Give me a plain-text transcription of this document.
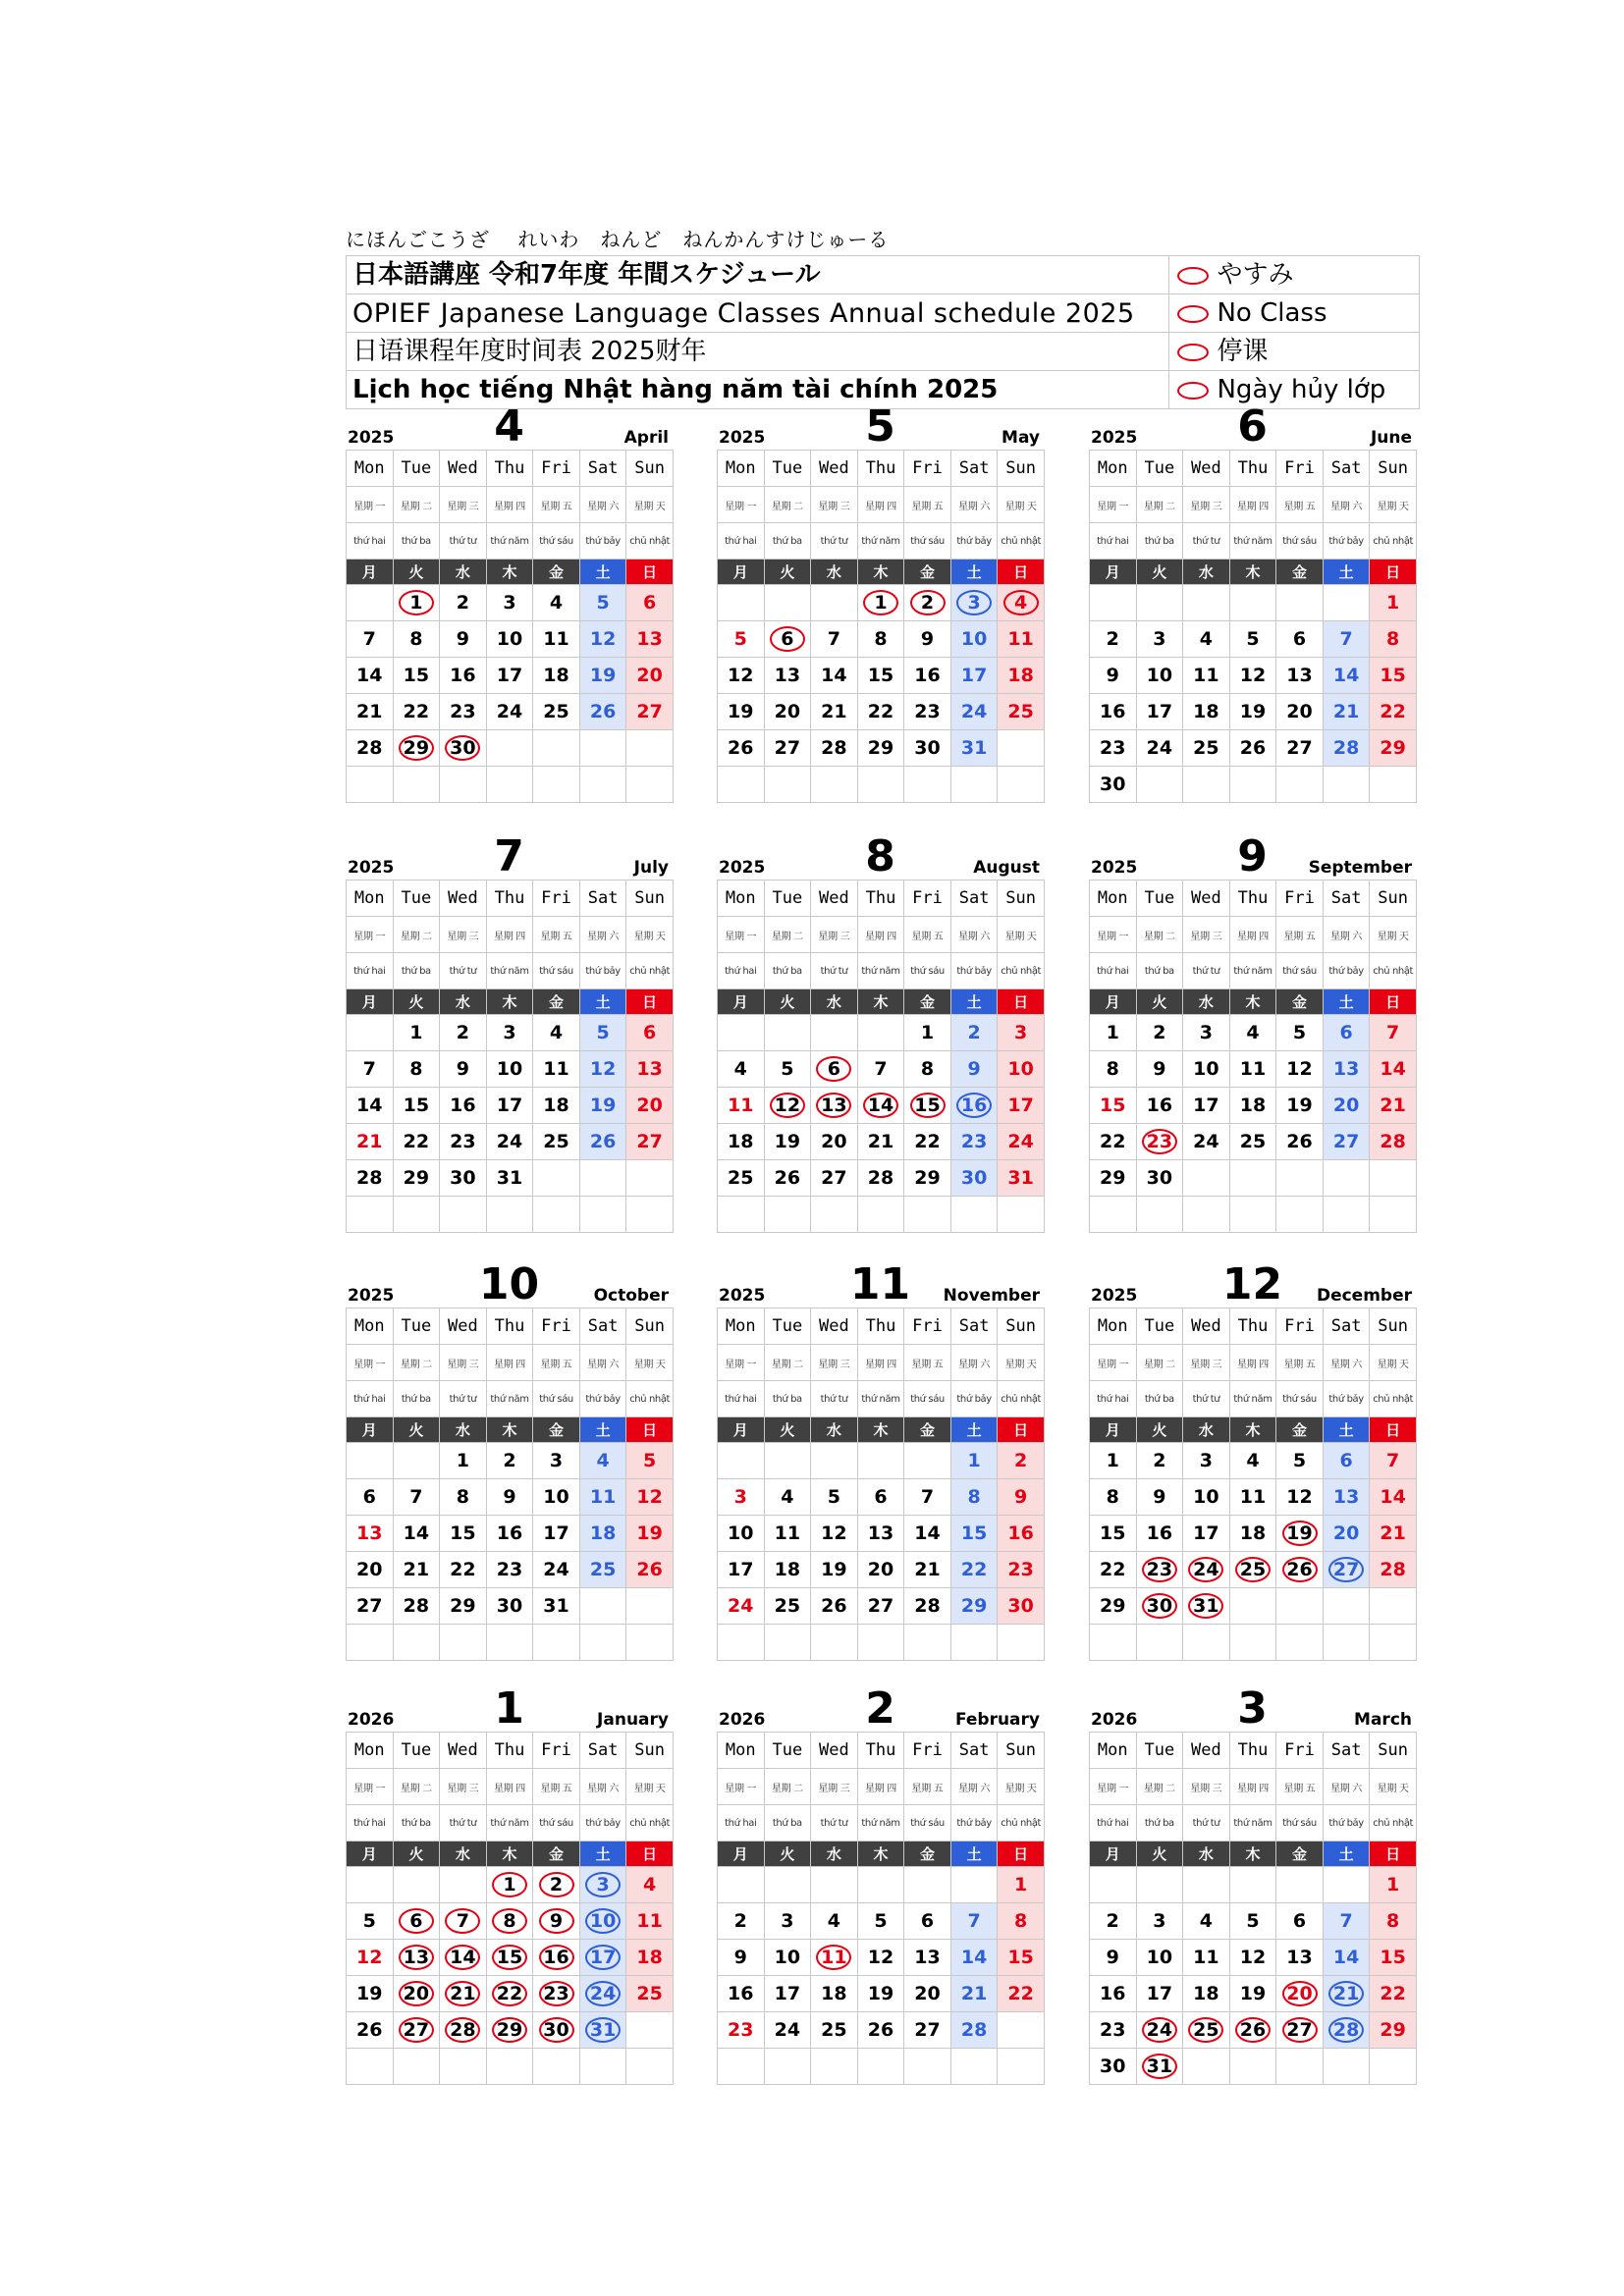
にほんごこうざ　 れいわ　ねんど　ねんかんすけじゅーる
日本語講座 令和7年度 年間スケジュール	やすみ
OPIEF Japanese Language Classes Annual schedule 2025	No Class
日语课程年度时间表 2025财年	停课
Lịch học tiếng Nhật hàng năm tài chính 2025	Ngày hủy lớp
2025	4	April
Mon	Tue	Wed	Thu	Fri	Sat	Sun
星期 一	星期 二	星期 三	星期 四	星期 五	星期 六	星期 天
thứ hai	thứ ba	thứ tư	thứ năm	thứ sáu	thứ bảy	chủ nhật
月	火	水	木	金	土	日
	1	2	3	4	5	6
7	8	9	10	11	12	13
14	15	16	17	18	19	20
21	22	23	24	25	26	27
28	29	30				

2025	5	May
Mon	Tue	Wed	Thu	Fri	Sat	Sun
星期 一	星期 二	星期 三	星期 四	星期 五	星期 六	星期 天
thứ hai	thứ ba	thứ tư	thứ năm	thứ sáu	thứ bảy	chủ nhật
月	火	水	木	金	土	日
			1	2	3	4
5	6	7	8	9	10	11
12	13	14	15	16	17	18
19	20	21	22	23	24	25
26	27	28	29	30	31	

2025	6	June
Mon	Tue	Wed	Thu	Fri	Sat	Sun
星期 一	星期 二	星期 三	星期 四	星期 五	星期 六	星期 天
thứ hai	thứ ba	thứ tư	thứ năm	thứ sáu	thứ bảy	chủ nhật
月	火	水	木	金	土	日
						1
2	3	4	5	6	7	8
9	10	11	12	13	14	15
16	17	18	19	20	21	22
23	24	25	26	27	28	29
30						
2025	7	July
Mon	Tue	Wed	Thu	Fri	Sat	Sun
星期 一	星期 二	星期 三	星期 四	星期 五	星期 六	星期 天
thứ hai	thứ ba	thứ tư	thứ năm	thứ sáu	thứ bảy	chủ nhật
月	火	水	木	金	土	日
	1	2	3	4	5	6
7	8	9	10	11	12	13
14	15	16	17	18	19	20
21	22	23	24	25	26	27
28	29	30	31			

2025	8	August
Mon	Tue	Wed	Thu	Fri	Sat	Sun
星期 一	星期 二	星期 三	星期 四	星期 五	星期 六	星期 天
thứ hai	thứ ba	thứ tư	thứ năm	thứ sáu	thứ bảy	chủ nhật
月	火	水	木	金	土	日
				1	2	3
4	5	6	7	8	9	10
11	12	13	14	15	16	17
18	19	20	21	22	23	24
25	26	27	28	29	30	31

2025	9	September
Mon	Tue	Wed	Thu	Fri	Sat	Sun
星期 一	星期 二	星期 三	星期 四	星期 五	星期 六	星期 天
thứ hai	thứ ba	thứ tư	thứ năm	thứ sáu	thứ bảy	chủ nhật
月	火	水	木	金	土	日
1	2	3	4	5	6	7
8	9	10	11	12	13	14
15	16	17	18	19	20	21
22	23	24	25	26	27	28
29	30					

2025	10	October
Mon	Tue	Wed	Thu	Fri	Sat	Sun
星期 一	星期 二	星期 三	星期 四	星期 五	星期 六	星期 天
thứ hai	thứ ba	thứ tư	thứ năm	thứ sáu	thứ bảy	chủ nhật
月	火	水	木	金	土	日
		1	2	3	4	5
6	7	8	9	10	11	12
13	14	15	16	17	18	19
20	21	22	23	24	25	26
27	28	29	30	31		

2025	11	November
Mon	Tue	Wed	Thu	Fri	Sat	Sun
星期 一	星期 二	星期 三	星期 四	星期 五	星期 六	星期 天
thứ hai	thứ ba	thứ tư	thứ năm	thứ sáu	thứ bảy	chủ nhật
月	火	水	木	金	土	日
					1	2
3	4	5	6	7	8	9
10	11	12	13	14	15	16
17	18	19	20	21	22	23
24	25	26	27	28	29	30

2025	12	December
Mon	Tue	Wed	Thu	Fri	Sat	Sun
星期 一	星期 二	星期 三	星期 四	星期 五	星期 六	星期 天
thứ hai	thứ ba	thứ tư	thứ năm	thứ sáu	thứ bảy	chủ nhật
月	火	水	木	金	土	日
1	2	3	4	5	6	7
8	9	10	11	12	13	14
15	16	17	18	19	20	21
22	23	24	25	26	27	28
29	30	31				

2026	1	January
Mon	Tue	Wed	Thu	Fri	Sat	Sun
星期 一	星期 二	星期 三	星期 四	星期 五	星期 六	星期 天
thứ hai	thứ ba	thứ tư	thứ năm	thứ sáu	thứ bảy	chủ nhật
月	火	水	木	金	土	日
			1	2	3	4
5	6	7	8	9	10	11
12	13	14	15	16	17	18
19	20	21	22	23	24	25
26	27	28	29	30	31	

2026	2	February
Mon	Tue	Wed	Thu	Fri	Sat	Sun
星期 一	星期 二	星期 三	星期 四	星期 五	星期 六	星期 天
thứ hai	thứ ba	thứ tư	thứ năm	thứ sáu	thứ bảy	chủ nhật
月	火	水	木	金	土	日
						1
2	3	4	5	6	7	8
9	10	11	12	13	14	15
16	17	18	19	20	21	22
23	24	25	26	27	28	

2026	3	March
Mon	Tue	Wed	Thu	Fri	Sat	Sun
星期 一	星期 二	星期 三	星期 四	星期 五	星期 六	星期 天
thứ hai	thứ ba	thứ tư	thứ năm	thứ sáu	thứ bảy	chủ nhật
月	火	水	木	金	土	日
						1
2	3	4	5	6	7	8
9	10	11	12	13	14	15
16	17	18	19	20	21	22
23	24	25	26	27	28	29
30	31					
